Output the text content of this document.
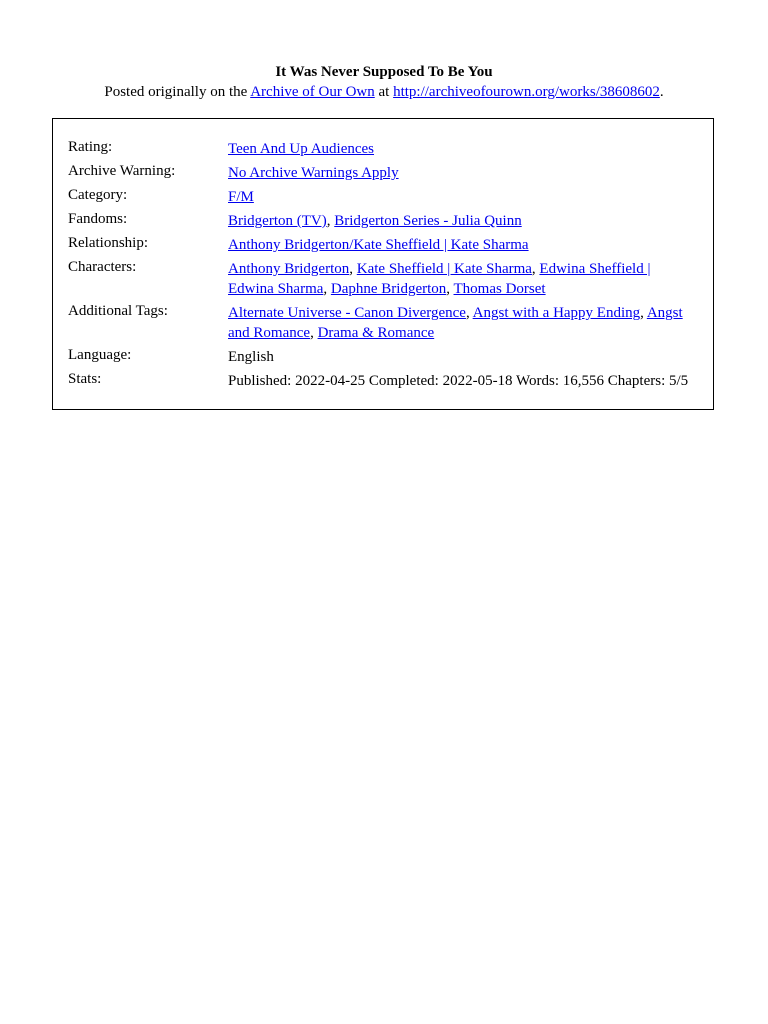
It Was Never Supposed To Be You
Posted originally on the Archive of Our Own at http://archiveofourown.org/works/38608602.
Rating:	Teen And Up Audiences
Archive Warning:	No Archive Warnings Apply
Category:	F/M
Fandoms:	Bridgerton (TV), Bridgerton Series - Julia Quinn
Relationship:	Anthony Bridgerton/Kate Sheffield | Kate Sharma
Characters:	Anthony Bridgerton, Kate Sheffield | Kate Sharma, Edwina Sheffield | Edwina Sharma, Daphne Bridgerton, Thomas Dorset
Additional Tags:	Alternate Universe - Canon Divergence, Angst with a Happy Ending, Angst and Romance, Drama & Romance
Language:	English
Stats:	Published: 2022-04-25 Completed: 2022-05-18 Words: 16,556 Chapters: 5/5
